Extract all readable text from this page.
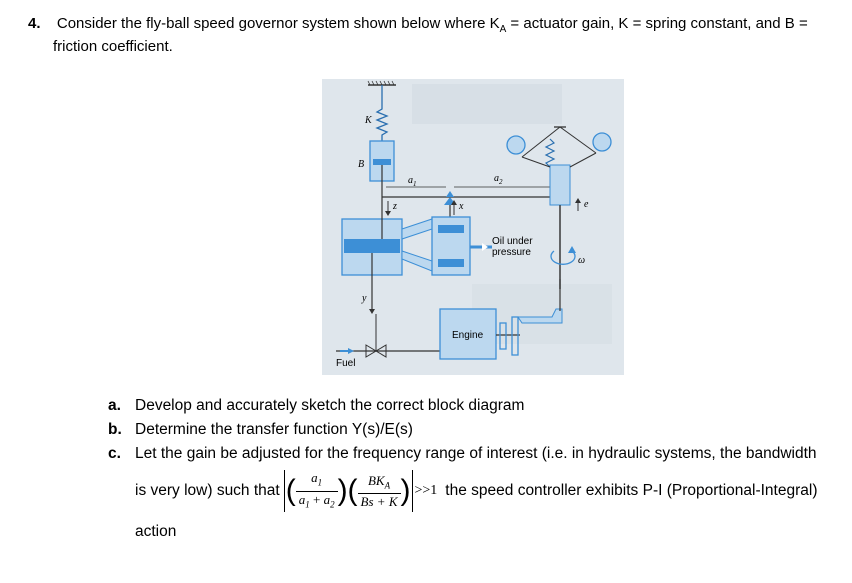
4. Consider the fly-ball speed governor system shown below where $K_A$ = actuator gain, K = spring constant, and B =
friction coefficient.
K
B
$a_1$	$a_2$
z	x	e
ω
y
Oil under
pressure
Engine
Fuel
a. Develop and accurately sketch the correct block diagram
b. Determine the transfer function Y(s)/E(s)
c. Let the gain be adjusted for the frequency range of interest (i.e. in hydraulic systems, the bandwidth
is very low) such that ( $\frac{a_1}{a_1 + a_2}$ )( $\frac{BK_A}{Bs + K}$ ) >>1 the speed controller exhibits P-I (Proportional-Integral)
action
